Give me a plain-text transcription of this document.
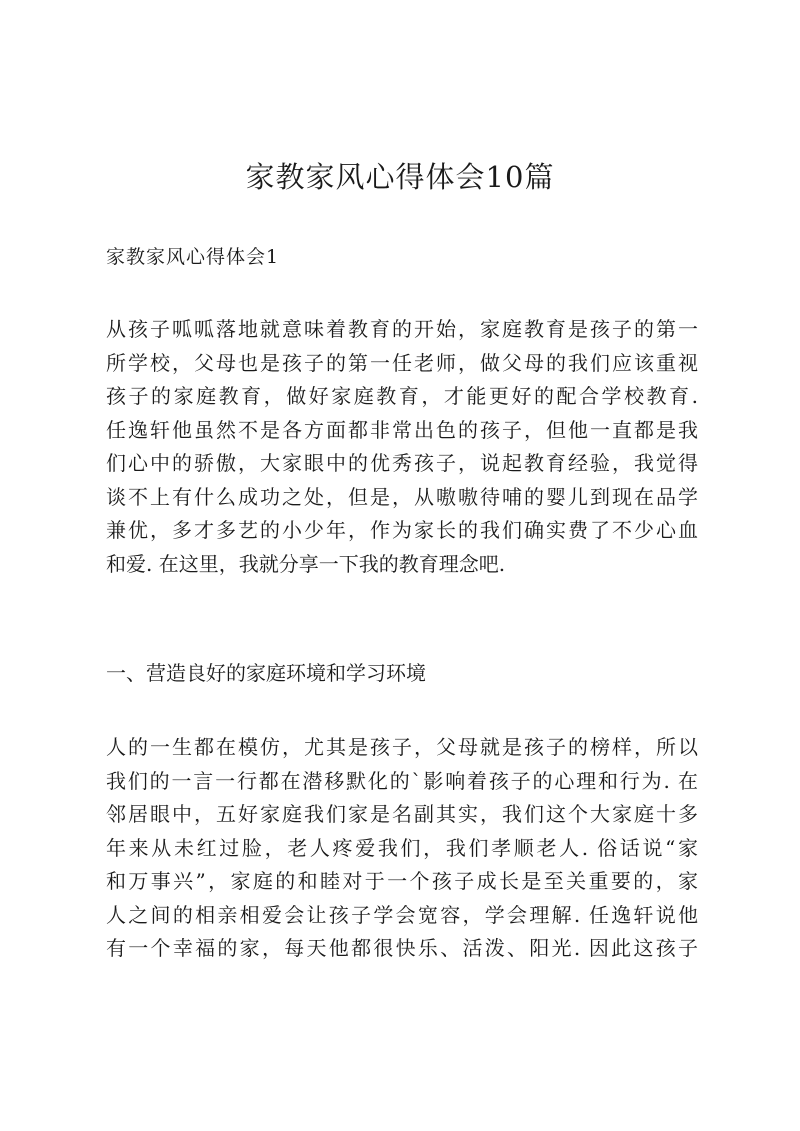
家教家风心得体会10篇

家教家风心得体会1

从孩子呱呱落地就意味着教育的开始，家庭教育是孩子的第一
所学校，父母也是孩子的第一任老师，做父母的我们应该重视
孩子的家庭教育，做好家庭教育，才能更好的配合学校教育.
任逸轩他虽然不是各方面都非常出色的孩子，但他一直都是我
们心中的骄傲，大家眼中的优秀孩子，说起教育经验，我觉得
谈不上有什么成功之处，但是，从嗷嗷待哺的婴儿到现在品学
兼优，多才多艺的小少年，作为家长的我们确实费了不少心血
和爱. 在这里，我就分享一下我的教育理念吧.
一、营造良好的家庭环境和学习环境
人的一生都在模仿，尤其是孩子，父母就是孩子的榜样，所以
我们的一言一行都在潜移默化的`影响着孩子的心理和行为. 在
邻居眼中，五好家庭我们家是名副其实，我们这个大家庭十多
年来从未红过脸，老人疼爱我们，我们孝顺老人. 俗话说“家
和万事兴”，家庭的和睦对于一个孩子成长是至关重要的，家
人之间的相亲相爱会让孩子学会宽容，学会理解. 任逸轩说他
有一个幸福的家，每天他都很快乐、活泼、阳光. 因此这孩子
